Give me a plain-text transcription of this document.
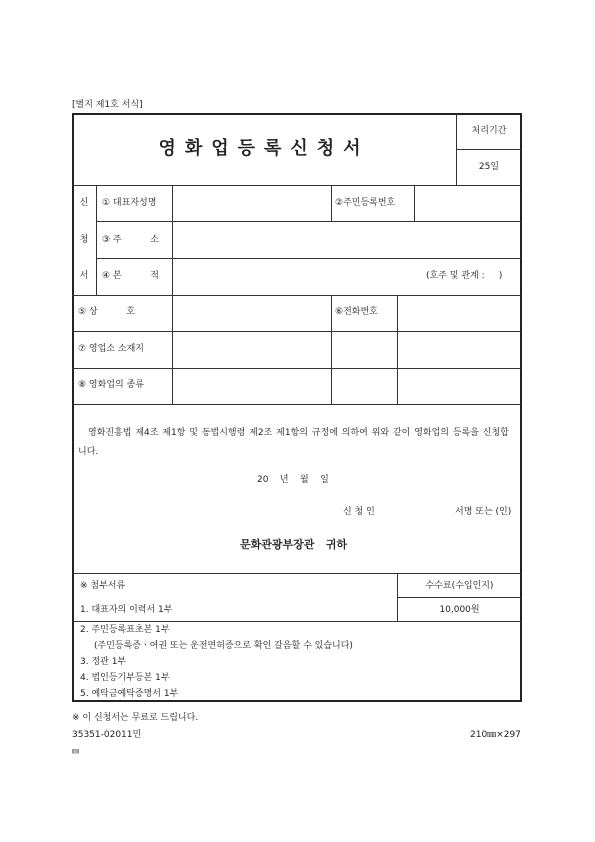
[별지 제1호 서식]
영화업등록신청서
처리기간
25일
신
청
서
① 대표자성명	②주민등록번호
③ 주          소
④ 본          적	(호주 및 관계 :     )
⑤ 상          호	⑥전화번호
⑦ 영업소 소재지
⑧ 영화업의 종류
영화진흥법 제4조 제1항 및 동법시행령 제2조 제1항의 규정에 의하여 위와 같이 영화업의 등록을 신청합니다.
20    년    월    일
신 청 인	서명 또는 (인)
문화관광부장관   귀하
※ 첨부서류	수수료(수입인지)
10,000원
1. 대표자의 이력서 1부
2. 주민등록표초본 1부
(주민등록증ㆍ여권 또는 운전면허증으로 확인 갈음할 수 있습니다)
3. 정관 1부
4. 법인등기부등본 1부
5. 예탁금예탁증명서 1부
※ 이 신청서는 무료로 드립니다.
35351-02011민	210㎜×297
㎜
